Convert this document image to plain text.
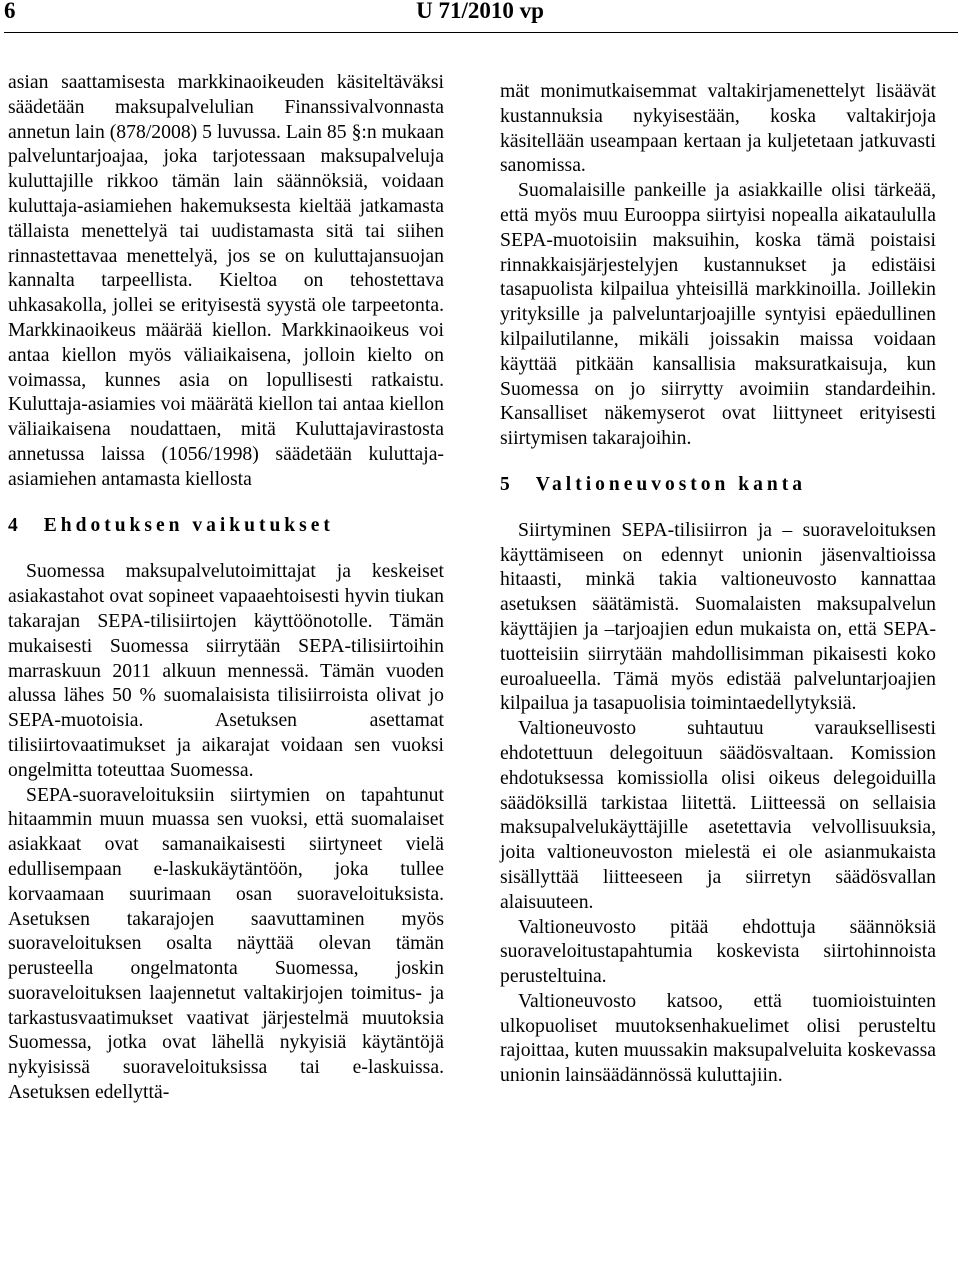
6	U 71/2010 vp

asian saattamisesta markkinaoikeuden käsiteltäväksi säädetään maksupalvelulian Finanssivalvonnasta annetun lain (878/2008) 5 luvussa. Lain 85 §:n mukaan palveluntarjoajaa, joka tarjotessaan maksupalveluja kuluttajille rikkoo tämän lain säännöksiä, voidaan kuluttaja-asiamiehen hakemuksesta kieltää jatkamasta tällaista menettelyä tai uudistamasta sitä tai siihen rinnastettavaa menettelyä, jos se on kuluttajansuojan kannalta tarpeellista. Kieltoa on tehostettava uhkasakolla, jollei se erityisestä syystä ole tarpeetonta. Markkinaoikeus määrää kiellon. Markkinaoikeus voi antaa kiellon myös väliaikaisena, jolloin kielto on voimassa, kunnes asia on lopullisesti ratkaistu. Kuluttaja-asiamies voi määrätä kiellon tai antaa kiellon väliaikaisena noudattaen, mitä Kuluttajavirastosta annetussa laissa (1056/1998) säädetään kuluttaja-asiamiehen antamasta kiellosta

4 Ehdotuksen vaikutukset

Suomessa maksupalvelutoimittajat ja keskeiset asiakastahot ovat sopineet vapaaehtoisesti hyvin tiukan takarajan SEPA-tilisiirtojen käyttöönotolle. Tämän mukaisesti Suomessa siirrytään SEPA-tilisiirtoihin marraskuun 2011 alkuun mennessä. Tämän vuoden alussa lähes 50 % suomalaisista tilisiirroista olivat jo SEPA-muotoisia. Asetuksen asettamat tilisiirtovaatimukset ja aikarajat voidaan sen vuoksi ongelmitta toteuttaa Suomessa.

SEPA-suoraveloituksiin siirtymien on tapahtunut hitaammin muun muassa sen vuoksi, että suomalaiset asiakkaat ovat samanaikaisesti siirtyneet vielä edullisempaan e-laskukäytäntöön, joka tullee korvaamaan suurimaan osan suoraveloituksista. Asetuksen takarajojen saavuttaminen myös suoraveloituksen osalta näyttää olevan tämän perusteella ongelmatonta Suomessa, joskin suoraveloituksen laajennetut valtakirjojen toimitus- ja tarkastusvaatimukset vaativat järjestelmä muutoksia Suomessa, jotka ovat lähellä nykyisiä käytäntöjä nykyisissä suoraveloituksissa tai e-laskuissa. Asetuksen edellyttä-

mät monimutkaisemmat valtakirjamenettelyt lisäävät kustannuksia nykyisestään, koska valtakirjoja käsitellään useampaan kertaan ja kuljetetaan jatkuvasti sanomissa.

Suomalaisille pankeille ja asiakkaille olisi tärkeää, että myös muu Eurooppa siirtyisi nopealla aikataululla SEPA-muotoisiin maksuihin, koska tämä poistaisi rinnakkaisjärjestelyjen kustannukset ja edistäisi tasapuolista kilpailua yhteisillä markkinoilla. Joillekin yrityksille ja palveluntarjoajille syntyisi epäedullinen kilpailutilanne, mikäli joissakin maissa voidaan käyttää pitkään kansallisia maksuratkaisuja, kun Suomessa on jo siirrytty avoimiin standardeihin. Kansalliset näkemyserot ovat liittyneet erityisesti siirtymisen takarajoihin.

5 Valtioneuvoston kanta

Siirtyminen SEPA-tilisiirron ja – suoraveloituksen käyttämiseen on edennyt unionin jäsenvaltioissa hitaasti, minkä takia valtioneuvosto kannattaa asetuksen säätämistä. Suomalaisten maksupalvelun käyttäjien ja –tarjoajien edun mukaista on, että SEPA-tuotteisiin siirrytään mahdollisimman pikaisesti koko euroalueella. Tämä myös edistää palveluntarjoajien kilpailua ja tasapuolisia toimintaedellytyksiä.

Valtioneuvosto suhtautuu varauksellisesti ehdotettuun delegoituun säädösvaltaan. Komission ehdotuksessa komissiolla olisi oikeus delegoiduilla säädöksillä tarkistaa liitettä. Liitteessä on sellaisia maksupalvelukäyttäjille asetettavia velvollisuuksia, joita valtioneuvoston mielestä ei ole asianmukaista sisällyttää liitteeseen ja siirretyn säädösvallan alaisuuteen.

Valtioneuvosto pitää ehdottuja säännöksiä suoraveloitustapahtumia koskevista siirtohinnoista perusteltuina.

Valtioneuvosto katsoo, että tuomioistuinten ulkopuoliset muutoksenhakuelimet olisi perusteltu rajoittaa, kuten muussakin maksupalveluita koskevassa unionin lainsäädännössä kuluttajiin.
